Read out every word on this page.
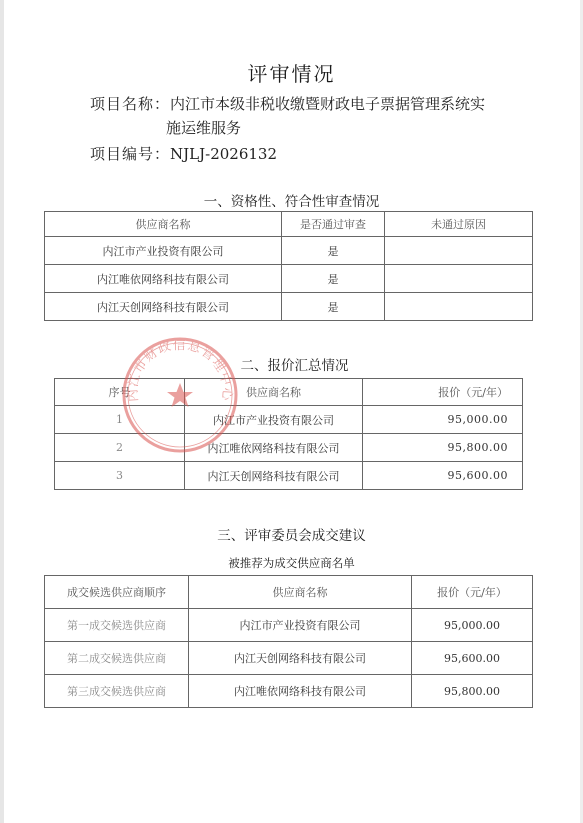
评审情况
项目名称：内江市本级非税收缴暨财政电子票据管理系统实
施运维服务
项目编号：NJLJ-2026132
一、资格性、符合性审查情况
供应商名称	是否通过审查	未通过原因
内江市产业投资有限公司	是	
内江唯依网络科技有限公司	是	
内江天创网络科技有限公司	是	
二、报价汇总情况
序号	供应商名称	报价（元/年）
1	内江市产业投资有限公司	95,000.00
2	内江唯依网络科技有限公司	95,800.00
3	内江天创网络科技有限公司	95,600.00
三、评审委员会成交建议
被推荐为成交供应商名单
成交候选供应商顺序	供应商名称	报价（元/年）
第一成交候选供应商	内江市产业投资有限公司	95,000.00
第二成交候选供应商	内江天创网络科技有限公司	95,600.00
第三成交候选供应商	内江唯依网络科技有限公司	95,800.00
内江市财政信息管理中心
